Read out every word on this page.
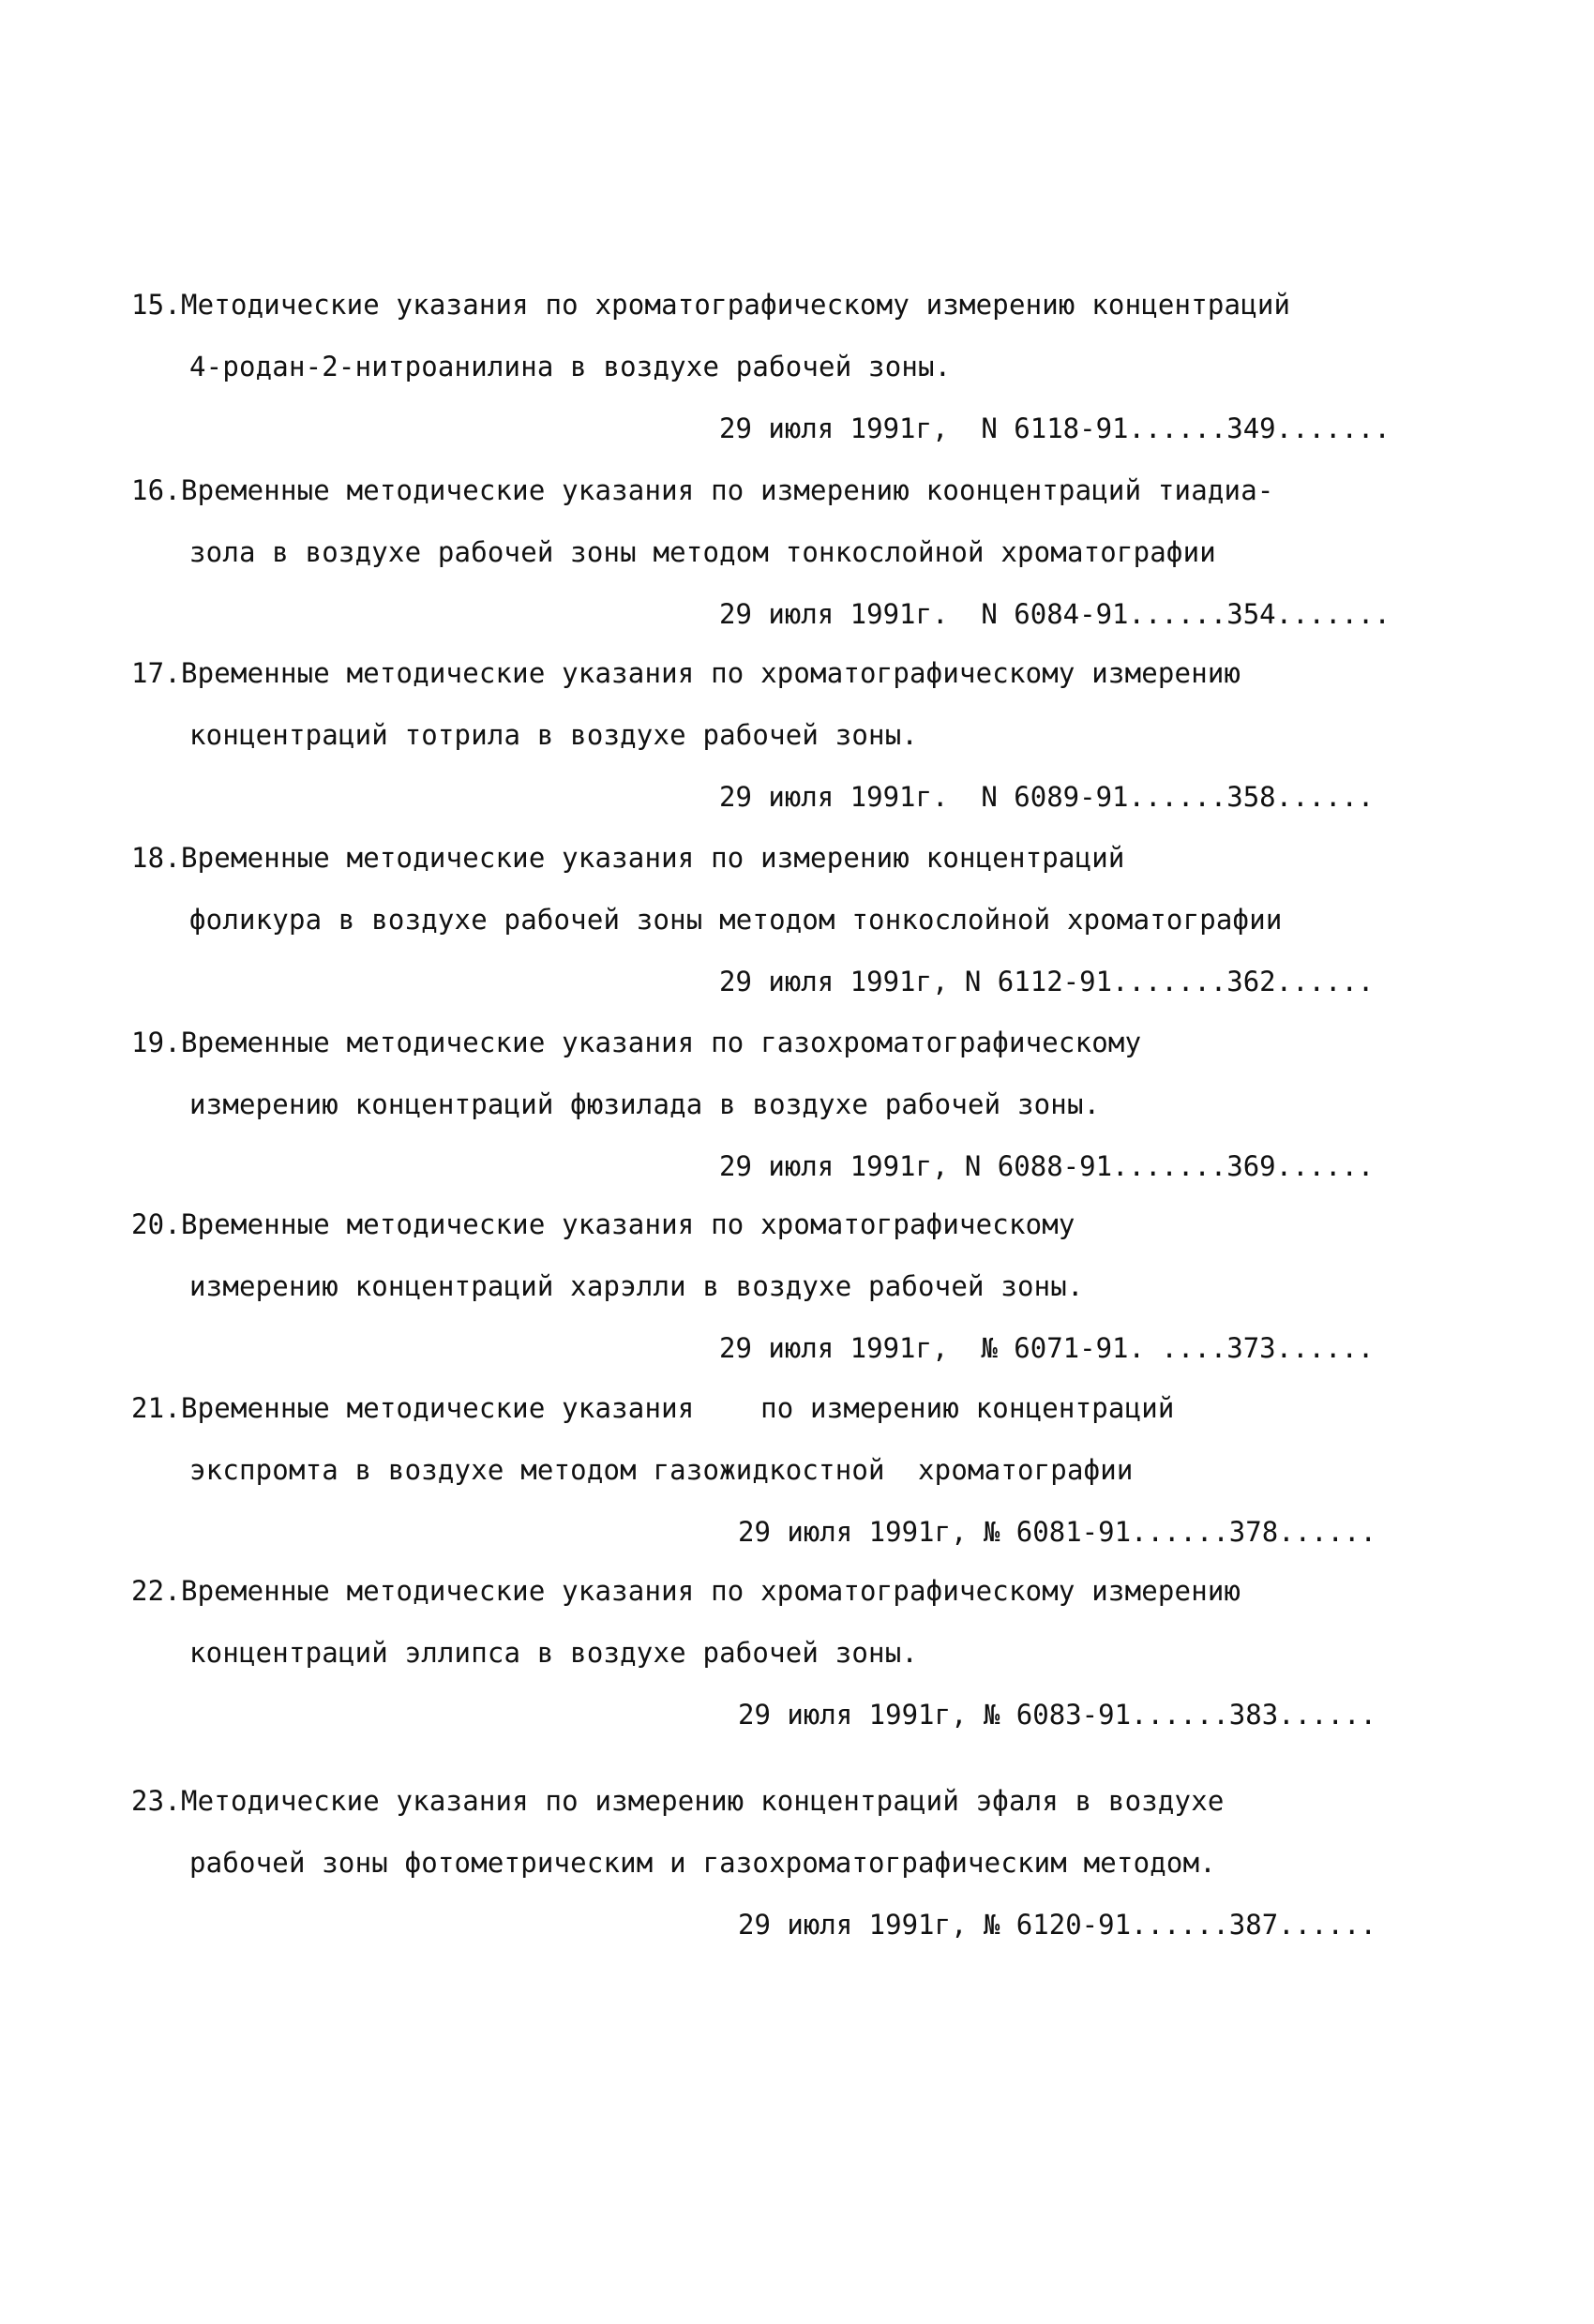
15.Методические указания по хроматографическому измерению концентраций
4-родан-2-нитроанилина в воздухе рабочей зоны.
29 июля 1991г,  N 6118-91......349.......
16.Временные методические указания по измерению коонцентраций тиадиа-
зола в воздухе рабочей зоны методом тонкослойной хроматографии
29 июля 1991г.  N 6084-91......354.......
17.Временные методические указания по хроматографическому измерению
концентраций тотрила в воздухе рабочей зоны.
29 июля 1991г.  N 6089-91......358......
18.Временные методические указания по измерению концентраций
фоликура в воздухе рабочей зоны методом тонкослойной хроматографии
29 июля 1991г, N 6112-91.......362......
19.Временные методические указания по газохроматографическому
измерению концентраций фюзилада в воздухе рабочей зоны.
29 июля 1991г, N 6088-91.......369......
20.Временные методические указания по хроматографическому
измерению концентраций харэлли в воздухе рабочей зоны.
29 июля 1991г,  № 6071-91. ....373......
21.Временные методические указания    по измерению концентраций
экспромта в воздухе методом газожидкостной  хроматографии
29 июля 1991г, № 6081-91......378......
22.Временные методические указания по хроматографическому измерению
концентраций эллипса в воздухе рабочей зоны.
29 июля 1991г, № 6083-91......383......
23.Методические указания по измерению концентраций эфаля в воздухе
рабочей зоны фотометрическим и газохроматографическим методом.
29 июля 1991г, № 6120-91......387......
